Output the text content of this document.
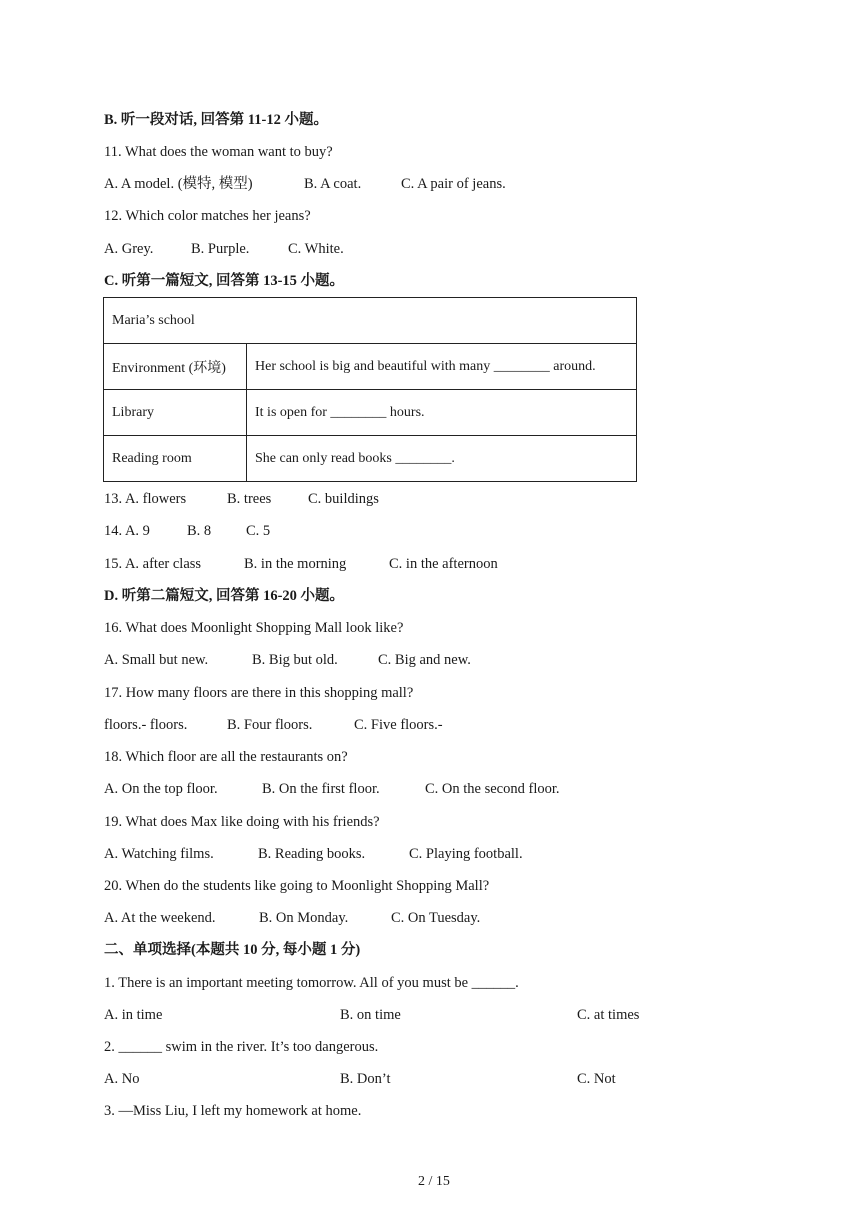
B. 听一段对话, 回答第 11-12 小题。
11. What does the woman want to buy?
A. A model. (模特, 模型)	B. A coat.	C. A pair of jeans.
12. Which color matches her jeans?
A. Grey.	B. Purple.	C. White.
C. 听第一篇短文, 回答第 13-15 小题。
Maria’s school	
Environment (环境)	Her school is big and beautiful with many ________ around.
Library	It is open for ________ hours.
Reading room	She can only read books ________.
13. A. flowers	B. trees	C. buildings
14. A. 9	B. 8 C. 5
15. A. after class	B. in the morning	C. in the afternoon
D. 听第二篇短文, 回答第 16-20 小题。
16. What does Moonlight Shopping Mall look like?
A. Small but new.	B. Big but old.	C. Big and new.
17. How many floors are there in this shopping mall?
floors.- floors.	B. Four floors.	C. Five floors.-
18. Which floor are all the restaurants on?
A. On the top floor.	B. On the first floor.	C. On the second floor.
19. What does Max like doing with his friends?
A. Watching films.	B. Reading books.	C. Playing football.
20. When do the students like going to Moonlight Shopping Mall?
A. At the weekend.	B. On Monday.	C. On Tuesday.
二、单项选择(本题共 10 分, 每小题 1 分)
1. There is an important meeting tomorrow. All of you must be ______.
A. in time	B. on time	C. at times
2. ______ swim in the river. It’s too dangerous.
A. No	B. Don’t	C. Not
3. —Miss Liu, I left my homework at home.
2 / 15
